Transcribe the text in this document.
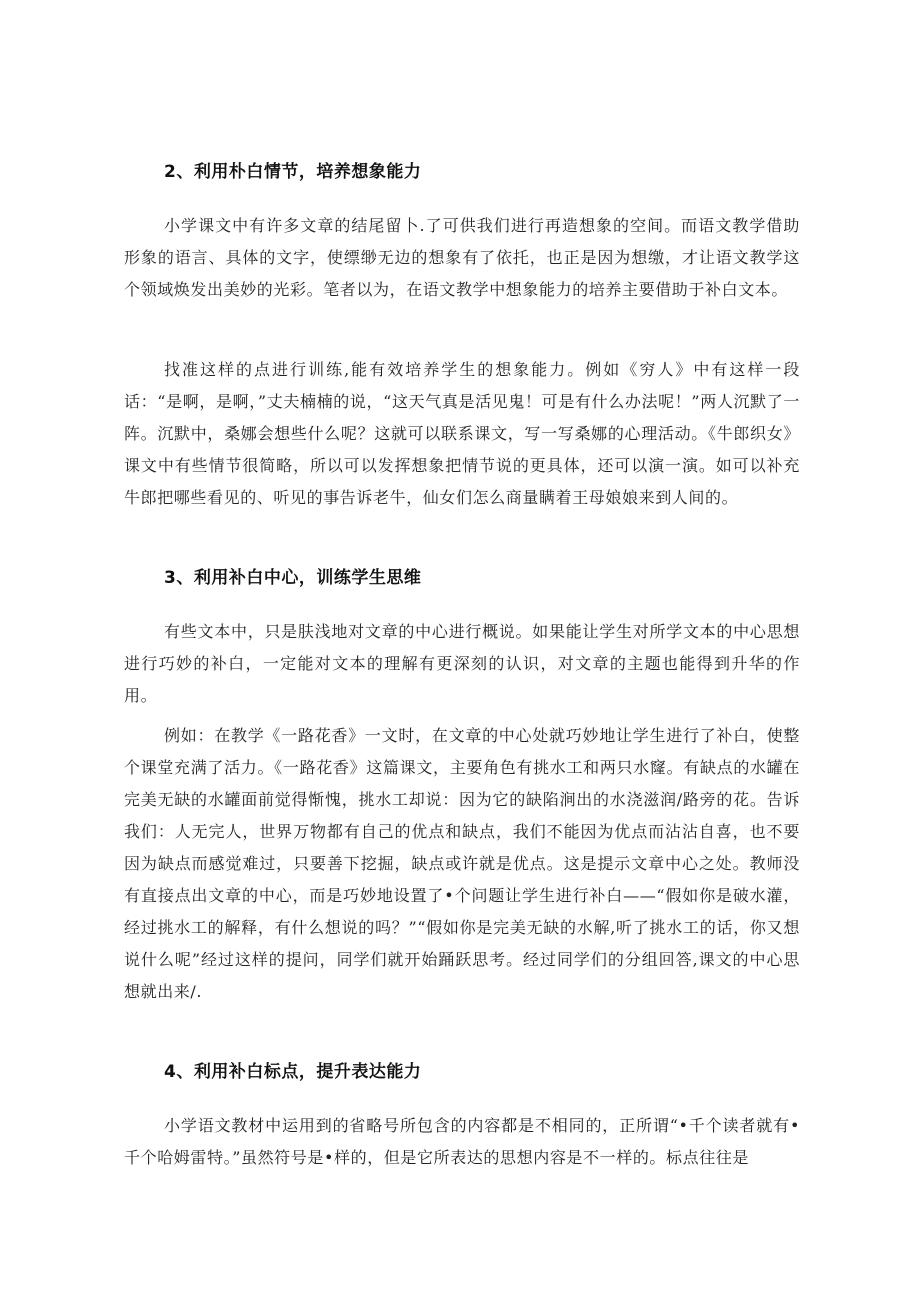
2、利用朴白情节，培养想象能力

小学课文中有许多文章的结尾留卜.了可供我们进行再造想象的空间。而语文教学借助形象的语言、具体的文字，使缥缈无边的想象有了依托，也正是因为想缴，才让语文教学这个领域焕发出美妙的光彩。笔者以为，在语文教学中想象能力的培养主要借助于补白文本。

找准这样的点进行训练,能有效培养学生的想象能力。例如《穷人》中有这样一段话：“是啊，是啊，”丈夫楠楠的说，“这天气真是活见鬼！可是有什么办法呢！”两人沉默了一阵。沉默中，桑娜会想些什么呢？这就可以联系课文，写一写桑娜的心理活动。《牛郎织女》课文中有些情节很简略，所以可以发挥想象把情节说的更具体，还可以演一演。如可以补充牛郎把哪些看见的、听见的事告诉老牛，仙女们怎么商量瞒着王母娘娘来到人间的。

3、利用补白中心，训练学生思维

有些文本中，只是肤浅地对文章的中心进行概说。如果能让学生对所学文本的中心思想进行巧妙的补白，一定能对文本的理解有更深刻的认识，对文章的主题也能得到升华的作用。

例如：在教学《一路花香》一文时，在文章的中心处就巧妙地让学生进行了补白，使整个课堂充满了活力。《一路花香》这篇课文，主要角色有挑水工和两只水窿。有缺点的水罐在完美无缺的水罐面前觉得惭愧，挑水工却说：因为它的缺陷涧出的水浇滋润/路旁的花。告诉我们：人无完人，世界万物都有自己的优点和缺点，我们不能因为优点而沾沾自喜，也不要因为缺点而感觉难过，只要善下挖掘，缺点或许就是优点。这是提示文章中心之处。教师没有直接点出文章的中心，而是巧妙地设置了•个问题让学生进行补白——“假如你是破水灌，经过挑水工的解释，有什么想说的吗？”“假如你是完美无缺的水解,听了挑水工的话，你又想说什么呢”经过这样的提问，同学们就开始踊跃思考。经过同学们的分组回答,课文的中心思想就出来/.

4、利用补白标点，提升表达能力

小学语文教材中运用到的省略号所包含的内容都是不相同的，正所谓“•千个读者就有•千个哈姆雷特。”虽然符号是•样的，但是它所表达的思想内容是不一样的。标点往往是
